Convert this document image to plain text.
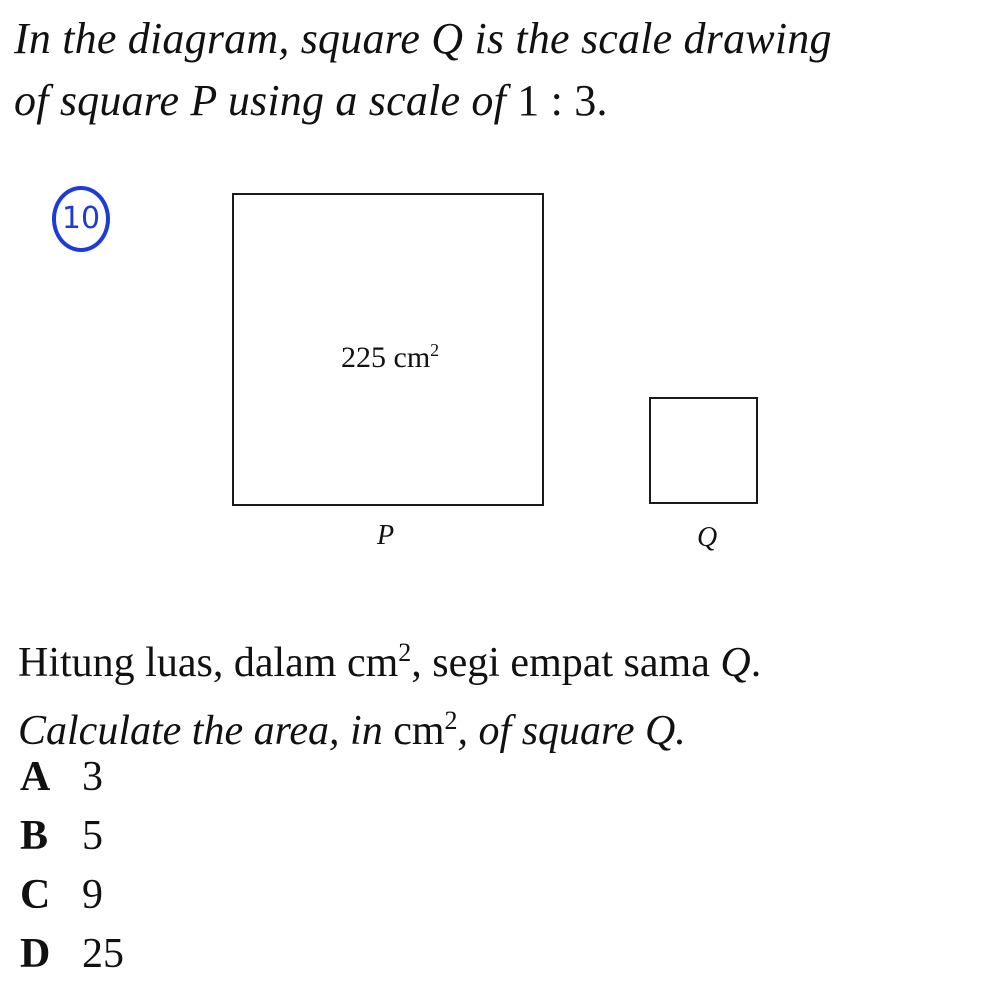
In the diagram, square Q is the scale drawing
of square P using a scale of 1 : 3.
10
225 $cm^2$
P	Q
Hitung luas, dalam $cm^2$, segi empat sama Q.
Calculate the area, in $cm^2$, of square Q.
A 3
B 5
C 9
D 25
